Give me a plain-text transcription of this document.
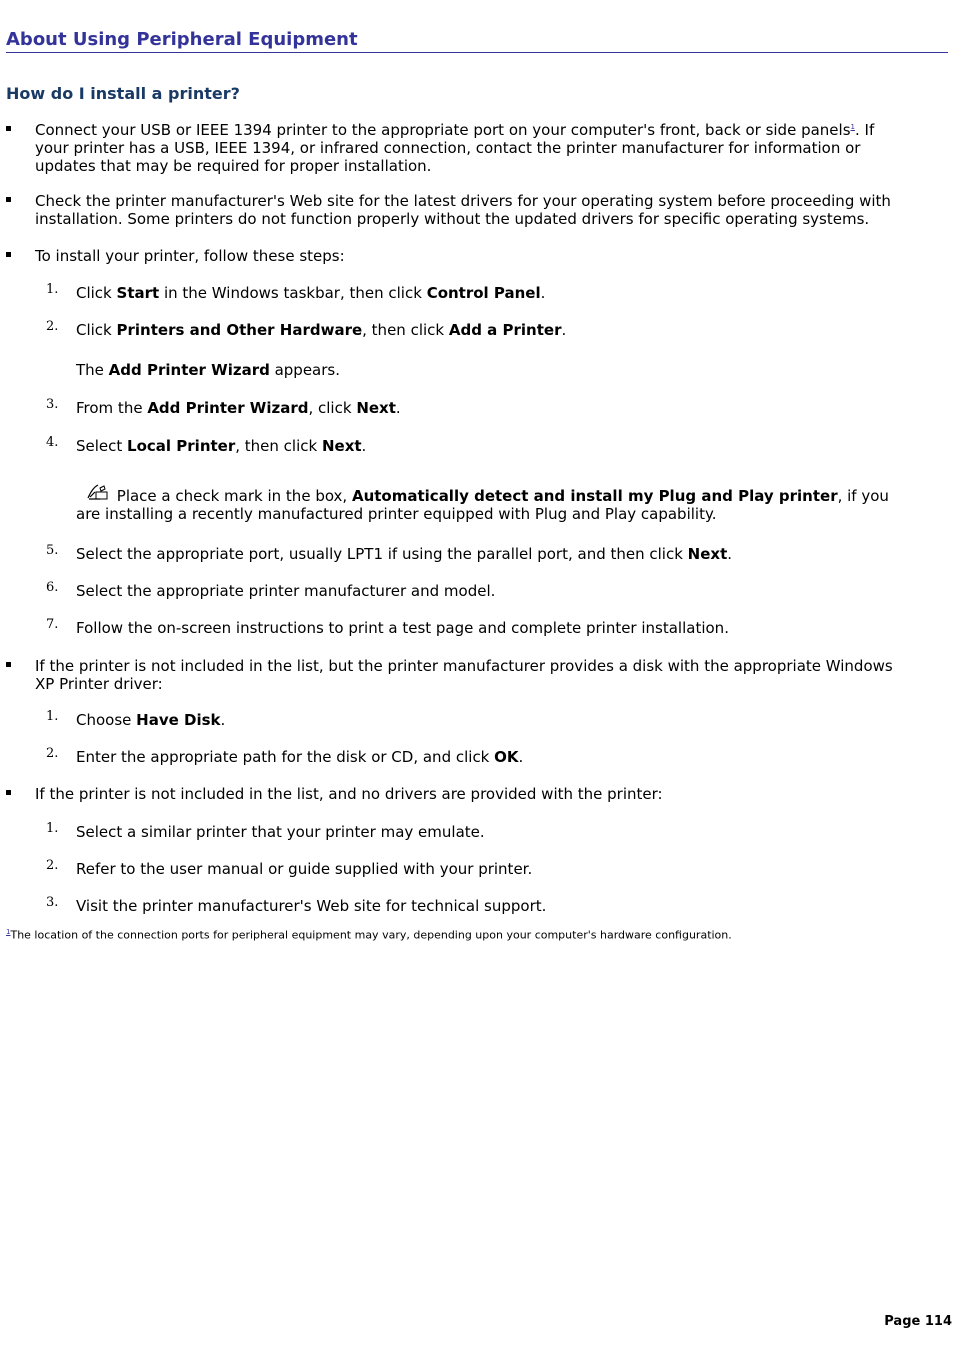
About Using Peripheral Equipment
How do I install a printer?
Connect your USB or IEEE 1394 printer to the appropriate port on your computer's front, back or side panels$^1$. If your printer has a USB, IEEE 1394, or infrared connection, contact the printer manufacturer for information or updates that may be required for proper installation.
Check the printer manufacturer's Web site for the latest drivers for your operating system before proceeding with installation. Some printers do not function properly without the updated drivers for specific operating systems.
To install your printer, follow these steps:
1. Click Start in the Windows taskbar, then click Control Panel.
2. Click Printers and Other Hardware, then click Add a Printer.
The Add Printer Wizard appears.
3. From the Add Printer Wizard, click Next.
4. Select Local Printer, then click Next.
Place a check mark in the box, Automatically detect and install my Plug and Play printer, if you are installing a recently manufactured printer equipped with Plug and Play capability.
5. Select the appropriate port, usually LPT1 if using the parallel port, and then click Next.
6. Select the appropriate printer manufacturer and model.
7. Follow the on-screen instructions to print a test page and complete printer installation.
If the printer is not included in the list, but the printer manufacturer provides a disk with the appropriate Windows XP Printer driver:
1. Choose Have Disk.
2. Enter the appropriate path for the disk or CD, and click OK.
If the printer is not included in the list, and no drivers are provided with the printer:
1. Select a similar printer that your printer may emulate.
2. Refer to the user manual or guide supplied with your printer.
3. Visit the printer manufacturer's Web site for technical support.
$^1$The location of the connection ports for peripheral equipment may vary, depending upon your computer's hardware configuration.
Page 114
